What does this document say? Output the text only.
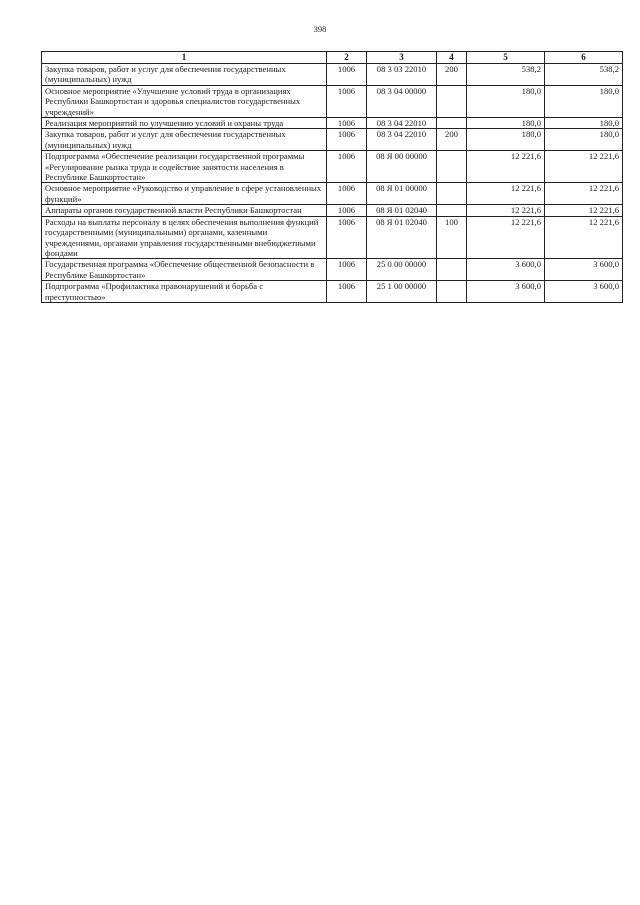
398
1	2	3	4	5	6
Закупка товаров, работ и услуг для обеспечения государственных (муниципальных) нужд	1006	08 3 03 22010	200	538,2	538,2
Основное мероприятие «Улучшение условий труда в организациях Республики Башкортостан и здоровья специалистов государственных учреждений»	1006	08 3 04 00000		180,0	180,0
Реализация мероприятий по улучшению условий и охраны труда	1006	08 3 04 22010		180,0	180,0
Закупка товаров, работ и услуг для обеспечения государственных (муниципальных) нужд	1006	08 3 04 22010	200	180,0	180,0
Подпрограмма «Обеспечение реализации государственной программы «Регулирование рынка труда и содействие занятости населения в Республике Башкортостан»	1006	08 Я 00 00000		12 221,6	12 221,6
Основное мероприятие «Руководство и управление в сфере установленных функций»	1006	08 Я 01 00000		12 221,6	12 221,6
Аппараты органов государственной власти Республики Башкортостан	1006	08 Я 01 02040		12 221,6	12 221,6
Расходы на выплаты персоналу в целях обеспечения выполнения функций государственными (муниципальными) органами, казенными учреждениями, органами управления государственными внебюджетными фондами	1006	08 Я 01 02040	100	12 221,6	12 221,6
Государственная программа «Обеспечение общественной безопасности в Республике Башкортостан»	1006	25 0 00 00000		3 600,0	3 600,0
Подпрограмма «Профилактика правонарушений и борьба с преступностью»	1006	25 1 00 00000		3 600,0	3 600,0
